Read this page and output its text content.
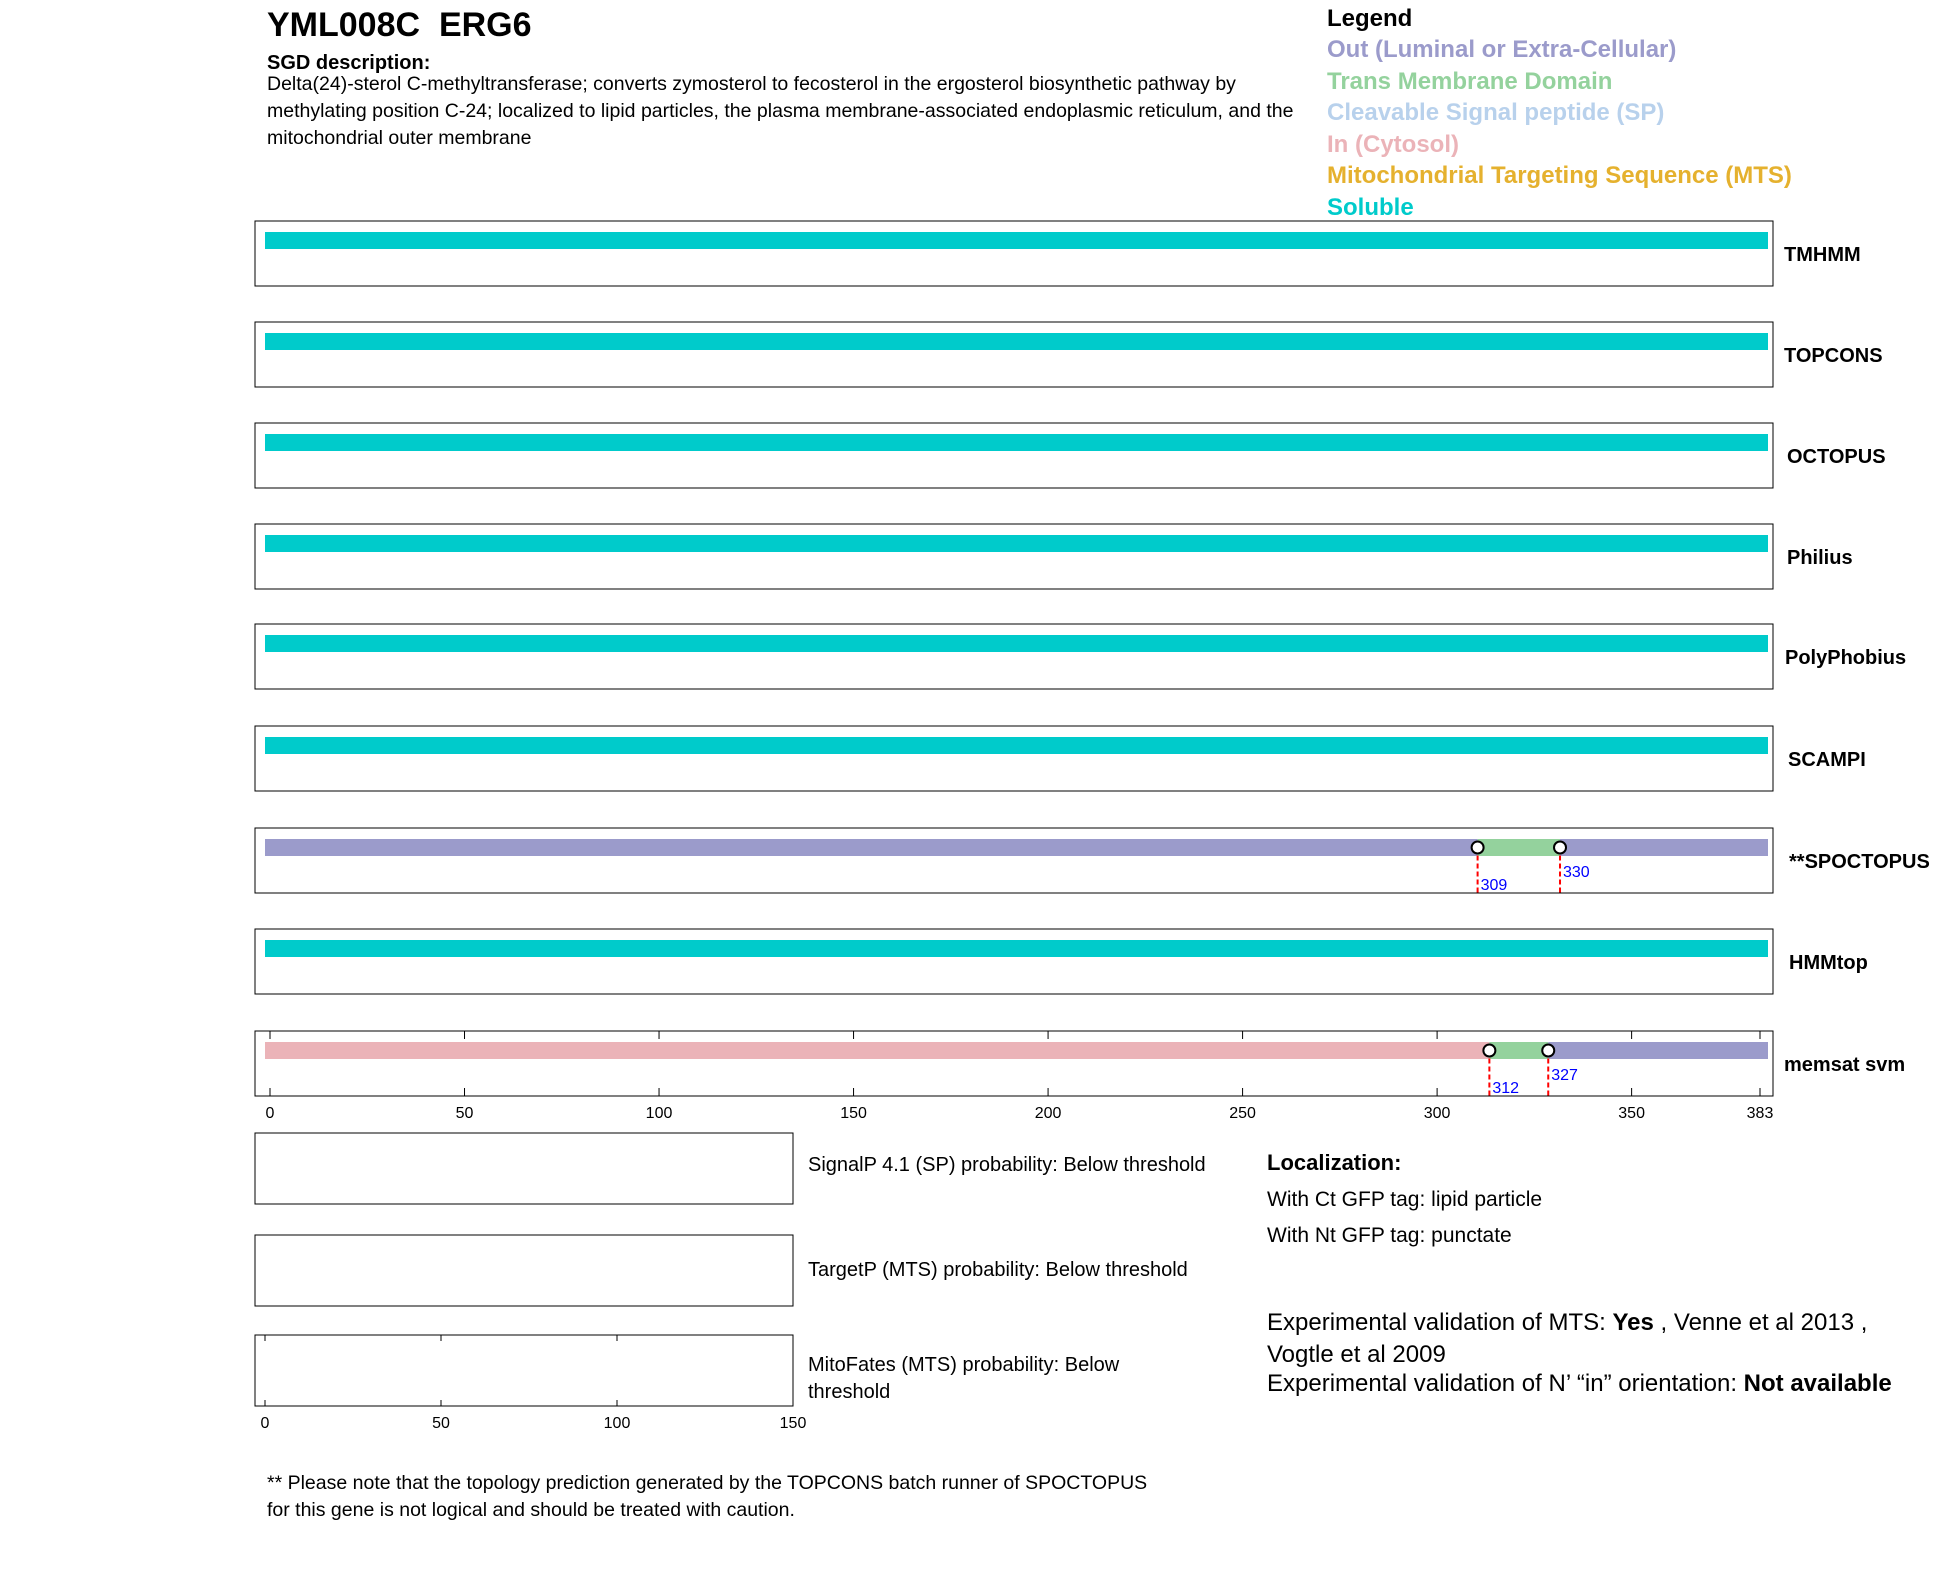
YML008C  ERG6
SGD description:
Delta(24)-sterol C-methyltransferase; converts zymosterol to fecosterol in the ergosterol biosynthetic pathway by methylating position C-24; localized to lipid particles, the plasma membrane-associated endoplasmic reticulum, and the mitochondrial outer membrane
Legend
Out (Luminal or Extra-Cellular)
Trans Membrane Domain
Cleavable Signal peptide (SP)
In (Cytosol)
Mitochondrial Targeting Sequence (MTS)
Soluble
309
330
312
327
0	50	100	150	200	250	300	350	383
0	50	100	150
TMHMM
TOPCONS
OCTOPUS
Philius
PolyPhobius
SCAMPI
**SPOCTOPUS
HMMtop
memsat svm
SignalP 4.1 (SP) probability: Below threshold
TargetP (MTS) probability: Below threshold
MitoFates (MTS) probability: Below threshold
Localization:
With Ct GFP tag: lipid particle
With Nt GFP tag: punctate
Experimental validation of MTS: Yes , Venne et al 2013 , Vogtle et al 2009
Experimental validation of N’ “in” orientation: Not available
** Please note that the topology prediction generated by the TOPCONS batch runner of SPOCTOPUS for this gene is not logical and should be treated with caution.
